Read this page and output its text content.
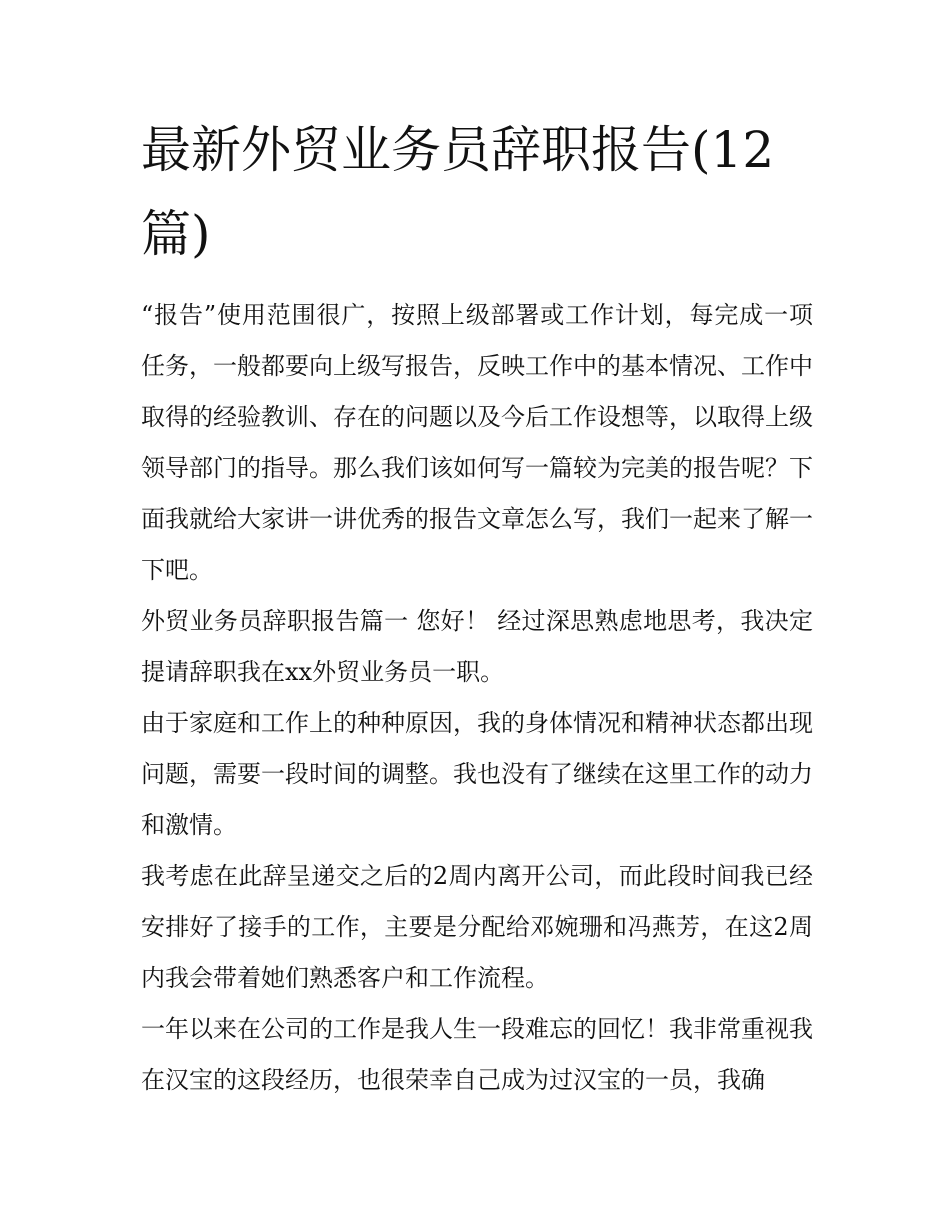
最新外贸业务员辞职报告(12篇)

“报告”使用范围很广，按照上级部署或工作计划，每完成一项任务，一般都要向上级写报告，反映工作中的基本情况、工作中取得的经验教训、存在的问题以及今后工作设想等，以取得上级领导部门的指导。那么我们该如何写一篇较为完美的报告呢？下面我就给大家讲一讲优秀的报告文章怎么写，我们一起来了解一下吧。

外贸业务员辞职报告篇一 您好！ 经过深思熟虑地思考，我决定提请辞职我在xx外贸业务员一职。

由于家庭和工作上的种种原因，我的身体情况和精神状态都出现问题，需要一段时间的调整。我也没有了继续在这里工作的动力和激情。

我考虑在此辞呈递交之后的2周内离开公司，而此段时间我已经安排好了接手的工作，主要是分配给邓婉珊和冯燕芳，在这2周内我会带着她们熟悉客户和工作流程。

一年以来在公司的工作是我人生一段难忘的回忆！我非常重视我在汉宝的这段经历，也很荣幸自己成为过汉宝的一员，我确
